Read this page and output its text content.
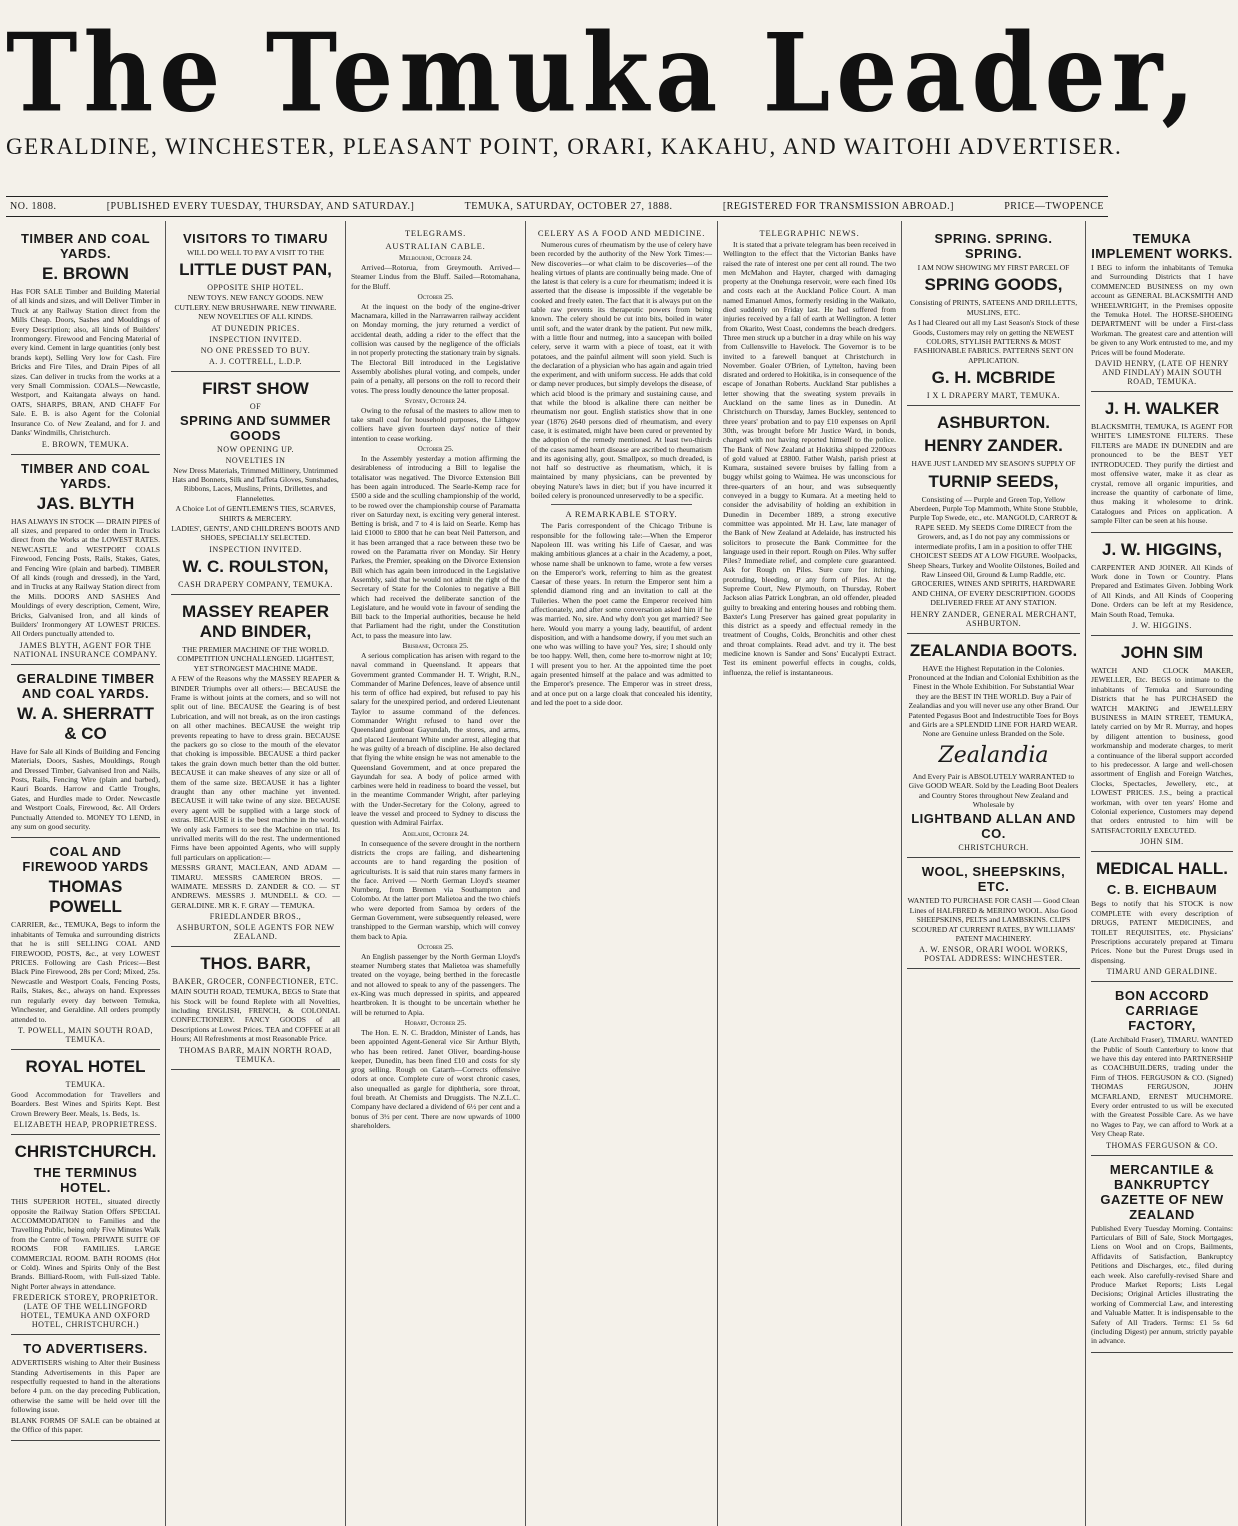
The Temuka Leader,
GERALDINE, WINCHESTER, PLEASANT POINT, ORARI, KAKAHU, AND WAITOHI ADVERTISER.
NO. 1808.	[PUBLISHED EVERY TUESDAY, THURSDAY, AND SATURDAY.]	TEMUKA, SATURDAY, OCTOBER 27, 1888.	[REGISTERED FOR TRANSMISSION ABROAD.]	PRICE—TWOPENCE
TIMBER AND COAL YARDS.
E. BROWN

Has FOR SALE Timber and Building Material of all kinds and sizes, and will Deliver Timber in Truck at any Railway Station direct from the Mills Cheap. Doors, Sashes and Mouldings of Every Description; also, all kinds of Builders' Ironmongery. Firewood and Fencing Material of every kind. Cement in large quantities (only best brands kept), Selling Very low for Cash. Fire Bricks and Fire Tiles, and Drain Pipes of all sizes. Can deliver in trucks from the works at a very Small Commission. COALS—Newcastle, Westport, and Kaitangata always on hand. OATS, SHARPS, BRAN, AND CHAFF For Sale. E. B. is also Agent for the Colonial Insurance Co. of New Zealand, and for J. and Danks' Windmills, Christchurch.

E. BROWN, TEMUKA.
TIMBER AND COAL YARDS.
JAS. BLYTH

HAS ALWAYS IN STOCK — DRAIN PIPES of all sizes, and prepared to order them in Trucks direct from the Works at the LOWEST RATES. NEWCASTLE and WESTPORT COALS Firewood, Fencing Posts, Rails, Stakes, Gates, and Fencing Wire (plain and barbed). TIMBER Of all kinds (rough and dressed), in the Yard, and in Trucks at any Railway Station direct from the Mills. DOORS AND SASHES And Mouldings of every description, Cement, Wire, Bricks, Galvanised Iron, and all kinds of Builders' Ironmongery AT LOWEST PRICES. All Orders punctually attended to.

JAMES BLYTH, AGENT FOR THE NATIONAL INSURANCE COMPANY.
GERALDINE TIMBER AND COAL YARDS.
W. A. SHERRATT & CO

Have for Sale all Kinds of Building and Fencing Materials, Doors, Sashes, Mouldings, Rough and Dressed Timber, Galvanised Iron and Nails, Posts, Rails, Fencing Wire (plain and barbed), Kauri Boards. Harrow and Cattle Troughs, Gates, and Hurdles made to Order. Newcastle and Westport Coals, Firewood, &c. All Orders Punctually Attended to. MONEY TO LEND, in any sum on good security.

COAL AND FIREWOOD YARDS
THOMAS POWELL

CARRIER, &c., TEMUKA, Begs to inform the inhabitants of Temuka and surrounding districts that he is still SELLING COAL AND FIREWOOD, POSTS, &c., at very LOWEST PRICES. Following are Cash Prices:—Best Black Pine Firewood, 28s per Cord; Mixed, 25s. Newcastle and Westport Coals, Fencing Posts, Rails, Stakes, &c., always on hand. Expresses run regularly every day between Temuka, Winchester, and Geraldine. All orders promptly attended to.

T. POWELL, MAIN SOUTH ROAD, TEMUKA.
ROYAL HOTEL
TEMUKA.

Good Accommodation for Travellers and Boarders. Best Wines and Spirits Kept. Best Crown Brewery Beer. Meals, 1s. Beds, 1s.

ELIZABETH HEAP, PROPRIETRESS.
CHRISTCHURCH.
THE TERMINUS HOTEL.

THIS SUPERIOR HOTEL, situated directly opposite the Railway Station Offers SPECIAL ACCOMMODATION to Families and the Travelling Public, being only Five Minutes Walk from the Centre of Town. PRIVATE SUITE OF ROOMS FOR FAMILIES. LARGE COMMERCIAL ROOM. BATH ROOMS (Hot or Cold). Wines and Spirits Only of the Best Brands. Billiard-Room, with Full-sized Table. Night Porter always in attendance.

FREDERICK STOREY, PROPRIETOR. (LATE OF THE WELLINGFORD HOTEL, TEMUKA AND OXFORD HOTEL, CHRISTCHURCH.)
TO ADVERTISERS.

ADVERTISERS wishing to Alter their Business Standing Advertisements in this Paper are respectfully requested to hand in the alterations before 4 p.m. on the day preceding Publication, otherwise the same will be held over till the following issue.

BLANK FORMS OF SALE can be obtained at the Office of this paper.

VISITORS TO TIMARU

WILL DO WELL TO PAY A VISIT TO THE

LITTLE DUST PAN,
OPPOSITE SHIP HOTEL.

NEW TOYS. NEW FANCY GOODS. NEW CUTLERY. NEW BRUSHWARE. NEW TINWARE. NEW NOVELTIES OF ALL KINDS.

AT DUNEDIN PRICES.
INSPECTION INVITED.
NO ONE PRESSED TO BUY.
A. J. COTTRELL, L.D.P.
FIRST SHOW
OF
SPRING AND SUMMER GOODS
NOW OPENING UP.
NOVELTIES IN

New Dress Materials, Trimmed Millinery, Untrimmed Hats and Bonnets, Silk and Taffeta Gloves, Sunshades, Ribbons, Laces, Muslins, Prints, Drillettes, and Flannelettes.

A Choice Lot of GENTLEMEN'S TIES, SCARVES, SHIRTS & MERCERY.

LADIES', GENTS', AND CHILDREN'S BOOTS AND SHOES, SPECIALLY SELECTED.

INSPECTION INVITED.
W. C. ROULSTON,
CASH DRAPERY COMPANY, TEMUKA.
MASSEY REAPER AND BINDER,

THE PREMIER MACHINE OF THE WORLD. COMPETITION UNCHALLENGED. LIGHTEST, YET STRONGEST MACHINE MADE.

A FEW of the Reasons why the MASSEY REAPER & BINDER Triumphs over all others:— BECAUSE the Frame is without joints at the corners, and so will not split out of line. BECAUSE the Gearing is of best Lubrication, and will not break, as on the iron castings on all other machines. BECAUSE the weight trip prevents repeating to have to dress grain. BECAUSE the packers go so close to the mouth of the elevator that choking is impossible. BECAUSE a third packer takes the grain down much better than the old butter. BECAUSE it can make sheaves of any size or all of them of the same size. BECAUSE it has a lighter draught than any other machine yet invented. BECAUSE it will take twine of any size. BECAUSE every agent will be supplied with a large stock of extras. BECAUSE it is the best machine in the world. We only ask Farmers to see the Machine on trial. Its unrivalled merits will do the rest. The undermentioned Firms have been appointed Agents, who will supply full particulars on application:—

MESSRS GRANT, MACLEAN, AND ADAM — TIMARU. MESSRS CAMERON BROS. — WAIMATE. MESSRS D. ZANDER & CO. — ST ANDREWS. MESSRS J. MUNDELL & CO. — GERALDINE. MR K. F. GRAY — TEMUKA.

FRIEDLANDER BROS.,
ASHBURTON, SOLE AGENTS FOR NEW ZEALAND.
THOS. BARR,
BAKER, GROCER, CONFECTIONER, ETC.

MAIN SOUTH ROAD, TEMUKA, BEGS to State that his Stock will be found Replete with all Novelties, including ENGLISH, FRENCH, & COLONIAL CONFECTIONERY. FANCY GOODS of all Descriptions at Lowest Prices. TEA and COFFEE at all Hours; All Refreshments at most Reasonable Price.

THOMAS BARR, MAIN NORTH ROAD, TEMUKA.
TELEGRAMS.
AUSTRALIAN CABLE.
Melbourne, October 24.

Arrived—Rotorua, from Greymouth. Arrived—Steamer Lindus from the Bluff. Sailed—Rotomahana, for the Bluff.

October 25.

At the inquest on the body of the engine-driver Macnamara, killed in the Narrawarren railway accident on Monday morning, the jury returned a verdict of accidental death, adding a rider to the effect that the collision was caused by the negligence of the officials in not properly protecting the stationary train by signals. The Electoral Bill introduced in the Legislative Assembly abolishes plural voting, and compels, under pain of a penalty, all persons on the roll to record their votes. The press loudly denounce the latter proposal.

Sydney, October 24.

Owing to the refusal of the masters to allow men to take small coal for household purposes, the Lithgow colliers have given fourteen days' notice of their intention to cease working.

October 25.

In the Assembly yesterday a motion affirming the desirableness of introducing a Bill to legalise the totalisator was negatived. The Divorce Extension Bill has been again introduced. The Searle-Kemp race for £500 a side and the sculling championship of the world, to be rowed over the championship course of Paramatta river on Saturday next, is exciting very general interest. Betting is brisk, and 7 to 4 is laid on Searle. Kemp has laid £1000 to £800 that he can beat Neil Patterson, and it has been arranged that a race between these two be rowed on the Paramatta river on Monday. Sir Henry Parkes, the Premier, speaking on the Divorce Extension Bill which has again been introduced in the Legislative Assembly, said that he would not admit the right of the Secretary of State for the Colonies to negative a Bill which had received the deliberate sanction of the Legislature, and he would vote in favour of sending the Bill back to the Imperial authorities, because he held that Parliament had the right, under the Constitution Act, to pass the measure into law.

Brisbane, October 25.

A serious complication has arisen with regard to the naval command in Queensland. It appears that Government granted Commander H. T. Wright, R.N., Commander of Marine Defences, leave of absence until his term of office had expired, but refused to pay his salary for the unexpired period, and ordered Lieutenant Taylor to assume command of the defences. Commander Wright refused to hand over the Queensland gunboat Gayundah, the stores, and arms, and placed Lieutenant White under arrest, alleging that he was guilty of a breach of discipline. He also declared that flying the white ensign he was not amenable to the Queensland Government, and at once prepared the Gayundah for sea. A body of police armed with carbines were held in readiness to board the vessel, but in the meantime Commander Wright, after parleying with the Under-Secretary for the Colony, agreed to leave the vessel and proceed to Sydney to discuss the question with Admiral Fairfax.

Adelaide, October 24.

In consequence of the severe drought in the northern districts the crops are failing, and disheartening accounts are to hand regarding the position of agriculturists. It is said that ruin stares many farmers in the face. Arrived — North German Lloyd's steamer Nurnberg, from Bremen via Southampton and Colombo. At the latter port Malietoa and the two chiefs who were deported from Samoa by orders of the German Government, were subsequently released, were transhipped to the German warship, which will convey them back to Apia.

October 25.

An English passenger by the North German Lloyd's steamer Nurnberg states that Malietoa was shamefully treated on the voyage, being berthed in the forecastle and not allowed to speak to any of the passengers. The ex-King was much depressed in spirits, and appeared heartbroken. It is thought to be uncertain whether he will be returned to Apia.

Hobart, October 25.

The Hon. E. N. C. Braddon, Minister of Lands, has been appointed Agent-General vice Sir Arthur Blyth, who has been retired. Janet Oliver, boarding-house keeper, Dunedin, has been fined £10 and costs for sly grog selling. Rough on Catarrh—Corrects offensive odors at once. Complete cure of worst chronic cases, also unequalled as gargle for diphtheria, sore throat, foul breath. At Chemists and Druggists. The N.Z.L.C. Company have declared a dividend of 6½ per cent and a bonus of 3½ per cent. There are now upwards of 1000 shareholders.

CELERY AS A FOOD AND MEDICINE.

Numerous cures of rheumatism by the use of celery have been recorded by the authority of the New York Times:— New discoveries—or what claim to be discoveries—of the healing virtues of plants are continually being made. One of the latest is that celery is a cure for rheumatism; indeed it is asserted that the disease is impossible if the vegetable be cooked and freely eaten. The fact that it is always put on the table raw prevents its therapeutic powers from being known. The celery should be cut into bits, boiled in water until soft, and the water drank by the patient. Put new milk, with a little flour and nutmeg, into a saucepan with boiled celery, serve it warm with a piece of toast, eat it with potatoes, and the painful ailment will soon yield. Such is the declaration of a physician who has again and again tried the experiment, and with uniform success. He adds that cold or damp never produces, but simply develops the disease, of which acid blood is the primary and sustaining cause, and that while the blood is alkaline there can neither be rheumatism nor gout. English statistics show that in one year (1876) 2640 persons died of rheumatism, and every case, it is estimated, might have been cured or prevented by the adoption of the remedy mentioned. At least two-thirds of the cases named heart disease are ascribed to rheumatism and its agonising ally, gout. Smallpox, so much dreaded, is not half so destructive as rheumatism, which, it is maintained by many physicians, can be prevented by obeying Nature's laws in diet; but if you have incurred it boiled celery is pronounced unreservedly to be a specific.

A REMARKABLE STORY.

The Paris correspondent of the Chicago Tribune is responsible for the following tale:—When the Emperor Napoleon III. was writing his Life of Caesar, and was making ambitious glances at a chair in the Academy, a poet, whose name shall be unknown to fame, wrote a few verses on the Emperor's work, referring to him as the greatest Caesar of these years. In return the Emperor sent him a splendid diamond ring and an invitation to call at the Tuileries. When the poet came the Emperor received him affectionately, and after some conversation asked him if he was married. No, sire. And why don't you get married? See here. Would you marry a young lady, beautiful, of ardent disposition, and with a handsome dowry, if you met such an one who was willing to have you? Yes, sire; I should only be too happy. Well, then, come here to-morrow night at 10; I will present you to her. At the appointed time the poet again presented himself at the palace and was admitted to the Emperor's presence. The Emperor was in street dress, and at once put on a large cloak that concealed his identity, and led the poet to a side door.

TELEGRAPHIC NEWS.

It is stated that a private telegram has been received in Wellington to the effect that the Victorian Banks have raised the rate of interest one per cent all round. The two men McMahon and Hayter, charged with damaging property at the Onehunga reservoir, were each fined 10s and costs each at the Auckland Police Court. A man named Emanuel Amos, formerly residing in the Waikato, died suddenly on Friday last. He had suffered from injuries received by a fall of earth at Wellington. A letter from Okarito, West Coast, condemns the beach dredgers. Three men struck up a butcher in a dray while on his way from Cullensville to Havelock. The Governor is to be invited to a farewell banquet at Christchurch in November. Goaler O'Brien, of Lyttelton, having been disrated and ordered to Hokitika, is in consequence of the escape of Jonathan Roberts. Auckland Star publishes a letter showing that the sweating system prevails in Auckland on the same lines as in Dunedin. At Christchurch on Thursday, James Buckley, sentenced to three years' probation and to pay £10 expenses on April 30th, was brought before Mr Justice Ward, in bonds, charged with not having reported himself to the police. The Bank of New Zealand at Hokitika shipped 2200ozs of gold valued at £8800. Father Walsh, parish priest at Kumara, sustained severe bruises by falling from a buggy whilst going to Waimea. He was unconscious for three-quarters of an hour, and was subsequently conveyed in a buggy to Kumara. At a meeting held to consider the advisability of holding an exhibition in Dunedin in December 1889, a strong executive committee was appointed. Mr H. Law, late manager of the Bank of New Zealand at Adelaide, has instructed his solicitors to prosecute the Bank Committee for the language used in their report. Rough on Piles. Why suffer Piles? Immediate relief, and complete cure guaranteed. Ask for Rough on Piles. Sure cure for itching, protruding, bleeding, or any form of Piles. At the Supreme Court, New Plymouth, on Thursday, Robert Jackson alias Patrick Longbran, an old offender, pleaded guilty to breaking and entering houses and robbing them. Baxter's Lung Preserver has gained great popularity in this district as a speedy and effectual remedy in the treatment of Coughs, Colds, Bronchitis and other chest and throat complaints. Read advt. and try it. The best medicine known is Sander and Sons' Eucalypti Extract. Test its eminent powerful effects in coughs, colds, influenza, the relief is instantaneous.

SPRING. SPRING. SPRING.

I AM NOW SHOWING MY FIRST PARCEL OF

SPRING GOODS,

Consisting of PRINTS, SATEENS AND DRILLETTS, MUSLINS, ETC.

As I had Cleared out all my Last Season's Stock of these Goods, Customers may rely on getting the NEWEST COLORS, STYLISH PATTERNS & MOST FASHIONABLE FABRICS. PATTERNS SENT ON APPLICATION.

G. H. MCBRIDE
I X L DRAPERY MART, TEMUKA.
ASHBURTON.
HENRY ZANDER.

HAVE JUST LANDED MY SEASON'S SUPPLY OF

TURNIP SEEDS,

Consisting of — Purple and Green Top, Yellow Aberdeen, Purple Top Mammoth, White Stone Stubble, Purple Top Swede, etc., etc. MANGOLD, CARROT & RAPE SEED. My SEEDS Come DIRECT from the Growers, and, as I do not pay any commissions or intermediate profits, I am in a position to offer THE CHOICEST SEEDS AT A LOW FIGURE. Woolpacks, Sheep Shears, Turkey and Woolite Oilstones, Boiled and Raw Linseed Oil, Ground & Lump Raddle, etc. GROCERIES, WINES AND SPIRITS, HARDWARE AND CHINA, OF EVERY DESCRIPTION. GOODS DELIVERED FREE AT ANY STATION.

HENRY ZANDER, GENERAL MERCHANT, ASHBURTON.
ZEALANDIA BOOTS.

HAVE the Highest Reputation in the Colonies. Pronounced at the Indian and Colonial Exhibition as the Finest in the Whole Exhibition. For Substantial Wear they are the BEST IN THE WORLD. Buy a Pair of Zealandias and you will never use any other Brand. Our Patented Pegasus Boot and Indestructible Toes for Boys and Girls are a SPLENDID LINE FOR HARD WEAR. None are Genuine unless Branded on the Sole.

Zealandia

And Every Pair is ABSOLUTELY WARRANTED to Give GOOD WEAR. Sold by the Leading Boot Dealers and Country Stores throughout New Zealand and Wholesale by

LIGHTBAND ALLAN AND CO.
CHRISTCHURCH.
WOOL, SHEEPSKINS, ETC.

WANTED TO PURCHASE FOR CASH — Good Clean Lines of HALFBRED & MERINO WOOL. Also Good SHEEPSKINS, PELTS and LAMBSKINS. CLIPS SCOURED AT CURRENT RATES, BY WILLIAMS' PATENT MACHINERY.

A. W. ENSOR, ORARI WOOL WORKS, POSTAL ADDRESS: WINCHESTER.
TEMUKA IMPLEMENT WORKS.

I BEG to inform the inhabitants of Temuka and Surrounding Districts that I have COMMENCED BUSINESS on my own account as GENERAL BLACKSMITH AND WHEELWRIGHT, in the Premises opposite the Temuka Hotel. The HORSE-SHOEING DEPARTMENT will be under a First-class Workman. The greatest care and attention will be given to any Work entrusted to me, and my Prices will be found Moderate.

DAVID HENRY, (LATE OF HENRY AND FINDLAY) MAIN SOUTH ROAD, TEMUKA.
J. H. WALKER

BLACKSMITH, TEMUKA, IS AGENT FOR WHITE'S LIMESTONE FILTERS. These FILTERS are MADE IN DUNEDIN and are pronounced to be the BEST YET INTRODUCED. They purify the dirtiest and most offensive water, make it as clear as crystal, remove all organic impurities, and increase the quantity of carbonate of lime, thus making it wholesome to drink. Catalogues and Prices on application. A sample Filter can be seen at his house.

J. W. HIGGINS,

CARPENTER AND JOINER. All Kinds of Work done in Town or Country. Plans Prepared and Estimates Given. Jobbing Work of All Kinds, and All Kinds of Coopering Done. Orders can be left at my Residence, Main South Road, Temuka.

J. W. HIGGINS.
JOHN SIM

WATCH AND CLOCK MAKER, JEWELLER, Etc. BEGS to intimate to the inhabitants of Temuka and Surrounding Districts that he has PURCHASED the WATCH MAKING and JEWELLERY BUSINESS in MAIN STREET, TEMUKA, lately carried on by Mr R. Murray, and hopes by diligent attention to business, good workmanship and moderate charges, to merit a continuance of the liberal support accorded to his predecessor. A large and well-chosen assortment of English and Foreign Watches, Clocks, Spectacles, Jewellery, etc., at LOWEST PRICES. J.S., being a practical workman, with over ten years' Home and Colonial experience, Customers may depend that orders entrusted to him will be SATISFACTORILY EXECUTED.

JOHN SIM.
MEDICAL HALL.
C. B. EICHBAUM

Begs to notify that his STOCK is now COMPLETE with every description of DRUGS, PATENT MEDICINES, and TOILET REQUISITES, etc. Physicians' Prescriptions accurately prepared at Timaru Prices. None but the Purest Drugs used in dispensing.

TIMARU AND GERALDINE.
BON ACCORD CARRIAGE FACTORY,

(Late Archibald Fraser), TIMARU. WANTED the Public of South Canterbury to know that we have this day entered into PARTNERSHIP as COACHBUILDERS, trading under the Firm of THOS. FERGUSON & CO. (Signed) THOMAS FERGUSON, JOHN MCFARLAND, ERNEST MUCHMORE. Every order entrusted to us will be executed with the Greatest Possible Care. As we have no Wages to Pay, we can afford to Work at a Very Cheap Rate.

THOMAS FERGUSON & CO.
MERCANTILE & BANKRUPTCY GAZETTE OF NEW ZEALAND

Published Every Tuesday Morning. Contains: Particulars of Bill of Sale, Stock Mortgages, Liens on Wool and on Crops, Bailments, Affidavits of Satisfaction, Bankruptcy Petitions and Discharges, etc., filed during each week. Also carefully-revised Share and Produce Market Reports; Lists Legal Decisions; Original Articles illustrating the working of Commercial Law, and interesting and Valuable Matter. It is indispensable to the Safety of All Traders. Terms: £1 5s 6d (including Digest) per annum, strictly payable in advance.
